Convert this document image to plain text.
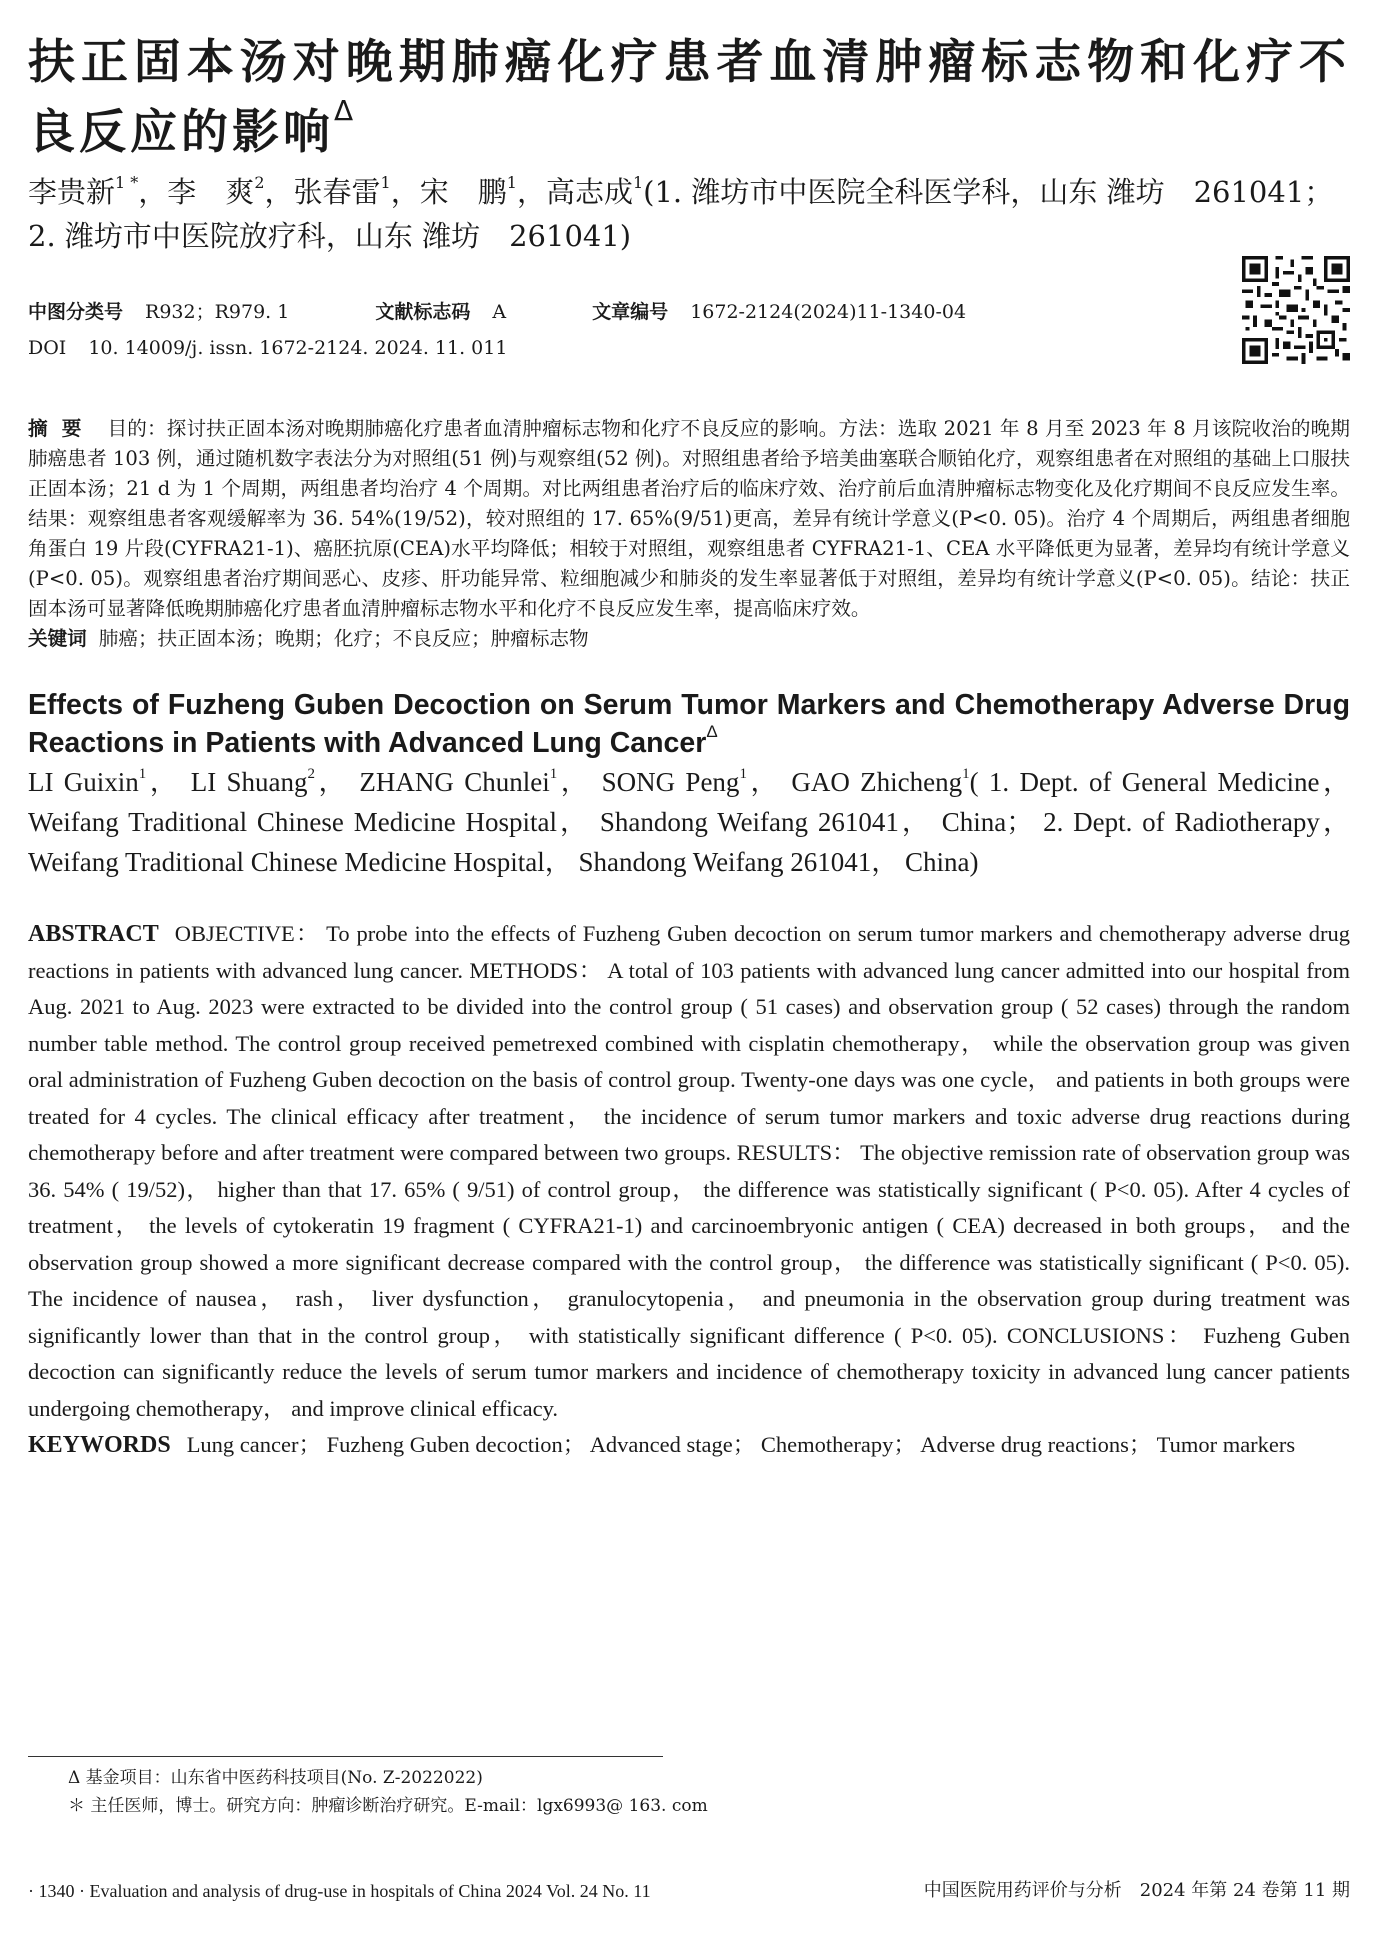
扶正固本汤对晚期肺癌化疗患者血清肿瘤标志物和化疗不良反应的影响$^\Delta$
李贵新$^{1 *}$，李　爽$^2$，张春雷$^1$，宋　鹏$^1$，高志成$^1$(1. 潍坊市中医院全科医学科，山东 潍坊　261041；2. 潍坊市中医院放疗科，山东 潍坊　261041)
中图分类号 R932；R979. 1	文献标志码 A	文章编号 1672-2124(2024)11-1340-04
DOI 10. 14009/j. issn. 1672-2124. 2024. 11. 011
摘要 目的：探讨扶正固本汤对晚期肺癌化疗患者血清肿瘤标志物和化疗不良反应的影响。方法：选取 2021 年 8 月至 2023 年 8 月该院收治的晚期肺癌患者 103 例，通过随机数字表法分为对照组(51 例)与观察组(52 例)。对照组患者给予培美曲塞联合顺铂化疗，观察组患者在对照组的基础上口服扶正固本汤；21 d 为 1 个周期，两组患者均治疗 4 个周期。对比两组患者治疗后的临床疗效、治疗前后血清肿瘤标志物变化及化疗期间不良反应发生率。结果：观察组患者客观缓解率为 36. 54%(19/52)，较对照组的 17. 65%(9/51)更高，差异有统计学意义(P<0. 05)。治疗 4 个周期后，两组患者细胞角蛋白 19 片段(CYFRA21-1)、癌胚抗原(CEA)水平均降低；相较于对照组，观察组患者 CYFRA21-1、CEA 水平降低更为显著，差异均有统计学意义(P<0. 05)。观察组患者治疗期间恶心、皮疹、肝功能异常、粒细胞减少和肺炎的发生率显著低于对照组，差异均有统计学意义(P<0. 05)。结论：扶正固本汤可显著降低晚期肺癌化疗患者血清肿瘤标志物水平和化疗不良反应发生率，提高临床疗效。
关键词 肺癌；扶正固本汤；晚期；化疗；不良反应；肿瘤标志物
Effects of Fuzheng Guben Decoction on Serum Tumor Markers and Chemotherapy Adverse Drug Reactions in Patients with Advanced Lung Cancer$^\Delta$
LI Guixin$^1$， LI Shuang$^2$， ZHANG Chunlei$^1$， SONG Peng$^1$， GAO Zhicheng$^1$( 1. Dept. of General Medicine， Weifang Traditional Chinese Medicine Hospital， Shandong Weifang 261041， China； 2. Dept. of Radiotherapy， Weifang Traditional Chinese Medicine Hospital， Shandong Weifang 261041， China)
ABSTRACT OBJECTIVE： To probe into the effects of Fuzheng Guben decoction on serum tumor markers and chemotherapy adverse drug reactions in patients with advanced lung cancer. METHODS： A total of 103 patients with advanced lung cancer admitted into our hospital from Aug. 2021 to Aug. 2023 were extracted to be divided into the control group ( 51 cases) and observation group ( 52 cases) through the random number table method. The control group received pemetrexed combined with cisplatin chemotherapy， while the observation group was given oral administration of Fuzheng Guben decoction on the basis of control group. Twenty-one days was one cycle， and patients in both groups were treated for 4 cycles. The clinical efficacy after treatment， the incidence of serum tumor markers and toxic adverse drug reactions during chemotherapy before and after treatment were compared between two groups. RESULTS： The objective remission rate of observation group was 36. 54% ( 19/52)， higher than that 17. 65% ( 9/51) of control group， the difference was statistically significant ( P<0. 05). After 4 cycles of treatment， the levels of cytokeratin 19 fragment ( CYFRA21-1) and carcinoembryonic antigen ( CEA) decreased in both groups， and the observation group showed a more significant decrease compared with the control group， the difference was statistically significant ( P<0. 05). The incidence of nausea， rash， liver dysfunction， granulocytopenia， and pneumonia in the observation group during treatment was significantly lower than that in the control group， with statistically significant difference ( P<0. 05). CONCLUSIONS： Fuzheng Guben decoction can significantly reduce the levels of serum tumor markers and incidence of chemotherapy toxicity in advanced lung cancer patients undergoing chemotherapy， and improve clinical efficacy.
KEYWORDS Lung cancer； Fuzheng Guben decoction； Advanced stage； Chemotherapy； Adverse drug reactions； Tumor markers
Δ 基金项目：山东省中医药科技项目(No. Z-2022022)
＊ 主任医师，博士。研究方向：肿瘤诊断治疗研究。E-mail：lgx6993@ 163. com
· 1340 · Evaluation and analysis of drug-use in hospitals of China 2024 Vol. 24 No. 11	中国医院用药评价与分析　2024 年第 24 卷第 11 期
